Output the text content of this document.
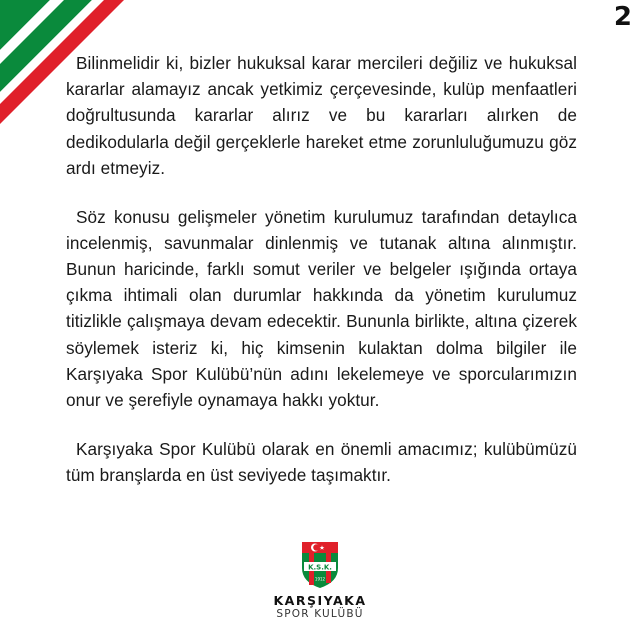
2

Bilinmelidir ki, bizler hukuksal karar mercileri değiliz ve hukuksal kararlar alamayız ancak yetkimiz çerçevesinde, kulüp menfaatleri doğrultusunda kararlar alırız ve bu kararları alırken de dedikodularla değil gerçeklerle hareket etme zorunluluğumuzu göz ardı etmeyiz.

Söz konusu gelişmeler yönetim kurulumuz tarafından detaylıca incelenmiş, savunmalar dinlenmiş ve tutanak altına alınmıştır. Bunun haricinde, farklı somut veriler ve belgeler ışığında ortaya çıkma ihtimali olan durumlar hakkında da yönetim kurulumuz titizlikle çalışmaya devam edecektir. Bununla birlikte, altına çizerek söylemek isteriz ki, hiç kimsenin kulaktan dolma bilgiler ile Karşıyaka Spor Kulübü’nün adını lekelemeye ve sporcularımızın onur ve şerefiyle oynamaya hakkı yoktur.

Karşıyaka Spor Kulübü olarak en önemli amacımız; kulübümüzü tüm branşlarda en üst seviyede taşımaktır.

K.S.K.
1912
KARŞIYAKA
SPOR KULÜBÜ
